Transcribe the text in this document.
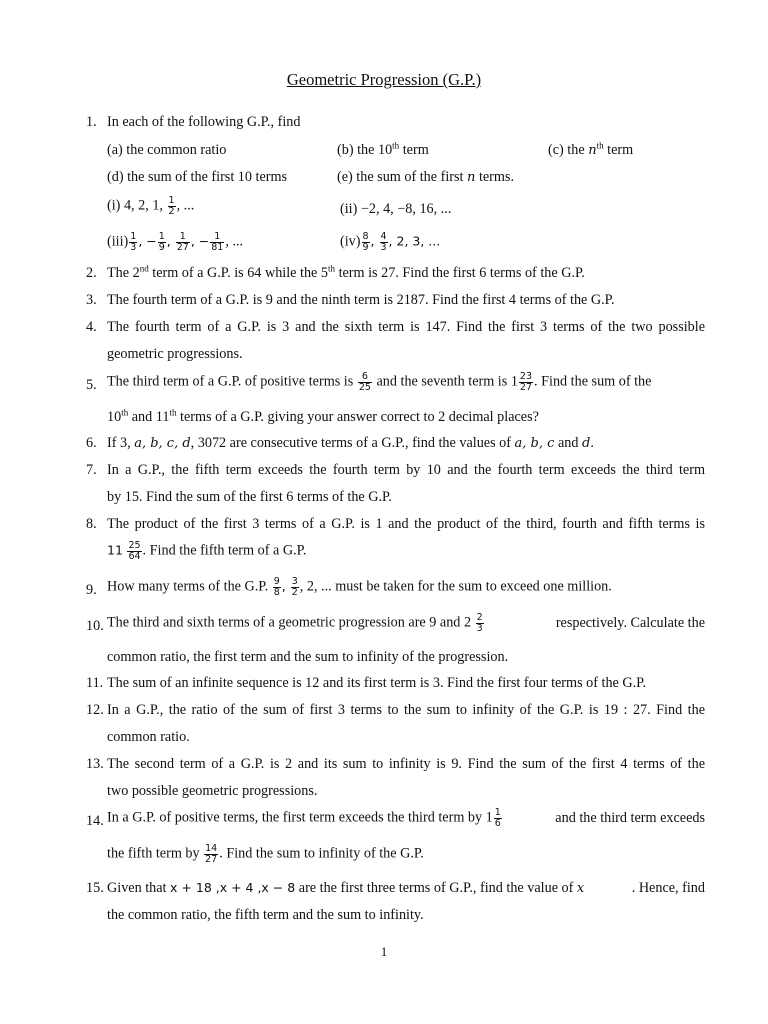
Geometric Progression (G.P.)
1. In each of the following G.P., find
(a) the common ratio	(b) the 10th term	(c) the $n^{th}$ term
(d) the sum of the first 10 terms	(e) the sum of the first n terms.
(i) 4, 2, 1, $\frac{1}{2}$ , ...	(ii) −2, 4, −8, 16, ...
$(iii) \frac{1}{3}$ , − $\frac{1}{9}$ , $\frac{1}{27}$ , − $\frac{1}{81}$ , ...	$(iv) \frac{8}{9}$ , $\frac{4}{3}$ , 2, 3, ...
2. The 2nd term of a G.P. is 64 while the 5th term is 27. Find the first 6 terms of the G.P.
3. The fourth term of a G.P. is 9 and the ninth term is 2187. Find the first 4 terms of the G.P.
4. The fourth term of a G.P. is 3 and the sixth term is 147. Find the first 3 terms of the two possible
geometric progressions.
5. The third term of a G.P. of positive terms is $\frac{6}{25}$ and the seventh term is $1 \frac{23}{27}$ . Find the sum of the
10th and 11th terms of a G.P. giving your answer correct to 2 decimal places?
6. If 3, a, b, c, d, 3072 are consecutive terms of a G.P., find the values of a, b, c and d.
7. In a G.P., the fifth term exceeds the fourth term by 10 and the fourth term exceeds the third term
by 15. Find the sum of the first 6 terms of the G.P.
8. The product of the first 3 terms of a G.P. is 1 and the product of the third, fourth and fifth terms is
$11 \frac{25}{64}$ . Find the fifth term of a G.P.
9. How many terms of the G.P. $\frac{9}{8}$ , $\frac{3}{2}$ , 2, ... must be taken for the sum to exceed one million.
10. The third and sixth terms of a geometric progression are 9 and $2 \frac{2}{3}$	respectively. Calculate the
common ratio, the first term and the sum to infinity of the progression.
11. The sum of an infinite sequence is 12 and its first term is 3. Find the first four terms of the G.P.
12. In a G.P., the ratio of the sum of first 3 terms to the sum to infinity of the G.P. is 19 : 27. Find the
common ratio.
13. The second term of a G.P. is 2 and its sum to infinity is 9. Find the sum of the first 4 terms of the
two possible geometric progressions.
14. In a G.P. of positive terms, the first term exceeds the third term by $1 \frac{1}{6}$	and the third term exceeds
the fifth term by $\frac{14}{27}$ . Find the sum to infinity of the G.P.
15. Given that x + 18 ,x + 4 ,x − 8 are the first three terms of G.P., find the value of x	. Hence, find
the common ratio, the fifth term and the sum to infinity.
1
